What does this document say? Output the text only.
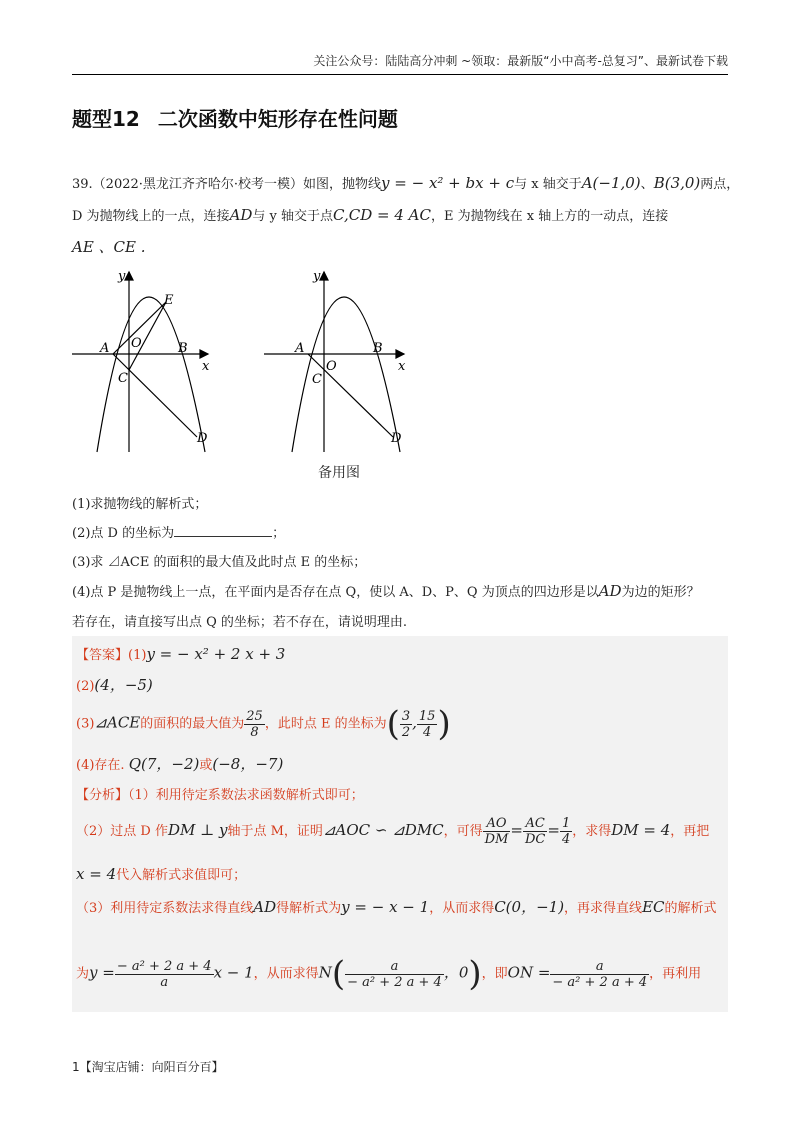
关注公众号：陆陆高分冲刺 ~领取：最新版“小中高考-总复习”、最新试卷下载
题型12 二次函数中矩形存在性问题
39.（2022·黑龙江齐齐哈尔·校考一模）如图，抛物线y = − x² + bx + c与 x 轴交于A(−1,0)、B(3,0)两点，
D 为抛物线上的一点，连接AD与 y 轴交于点C,CD = 4 AC，E 为抛物线在 x 轴上方的一动点，连接
AE 、CE .
y
x
A O	B
C
D
E
y
x
A
O
B
C
D
备用图
(1)求抛物线的解析式；
(2)点 D 的坐标为	；
(3)求 ⊿ACE 的面积的最大值及此时点 E 的坐标；
(4)点 P 是抛物线上一点，在平面内是否存在点 Q，使以 A、D、P、Q 为顶点的四边形是以AD为边的矩形？
若存在，请直接写出点 Q 的坐标；若不存在，请说明理由.
【答案】(1)y = − x² + 2 x + 3
(2)(4，−5)
(3)⊿ACE的面积的最大值为 $\frac{25}{8}$ ，此时点 E 的坐标为( $\frac{3}{2}$ , $\frac{15}{4}$ )
(4)存在. Q(7，−2)或(−8，−7)
【分析】（1）利用待定系数法求函数解析式即可；
（2）过点 D 作DM ⊥ y轴于点 M，证明⊿AOC ∽ ⊿DMC，可得 $\frac{AO}{DM} = \frac{AC}{DC} = \frac{1}{4}$ ，求得DM = 4，再把
x = 4代入解析式求值即可；
（3）利用待定系数法求得直线AD得解析式为y = − x − 1，从而求得C(0，−1)，再求得直线EC的解析式
为$y = \frac{\text{− a² + 2 a + 4}}{a}$ x − 1，从而求得$N( \frac{a}{\text{− a² + 2 a + 4}}$ ，0)，即ON = $\frac{a}{\text{− a² + 2 a + 4}}$ ，再利用
1【淘宝店铺：向阳百分百】
